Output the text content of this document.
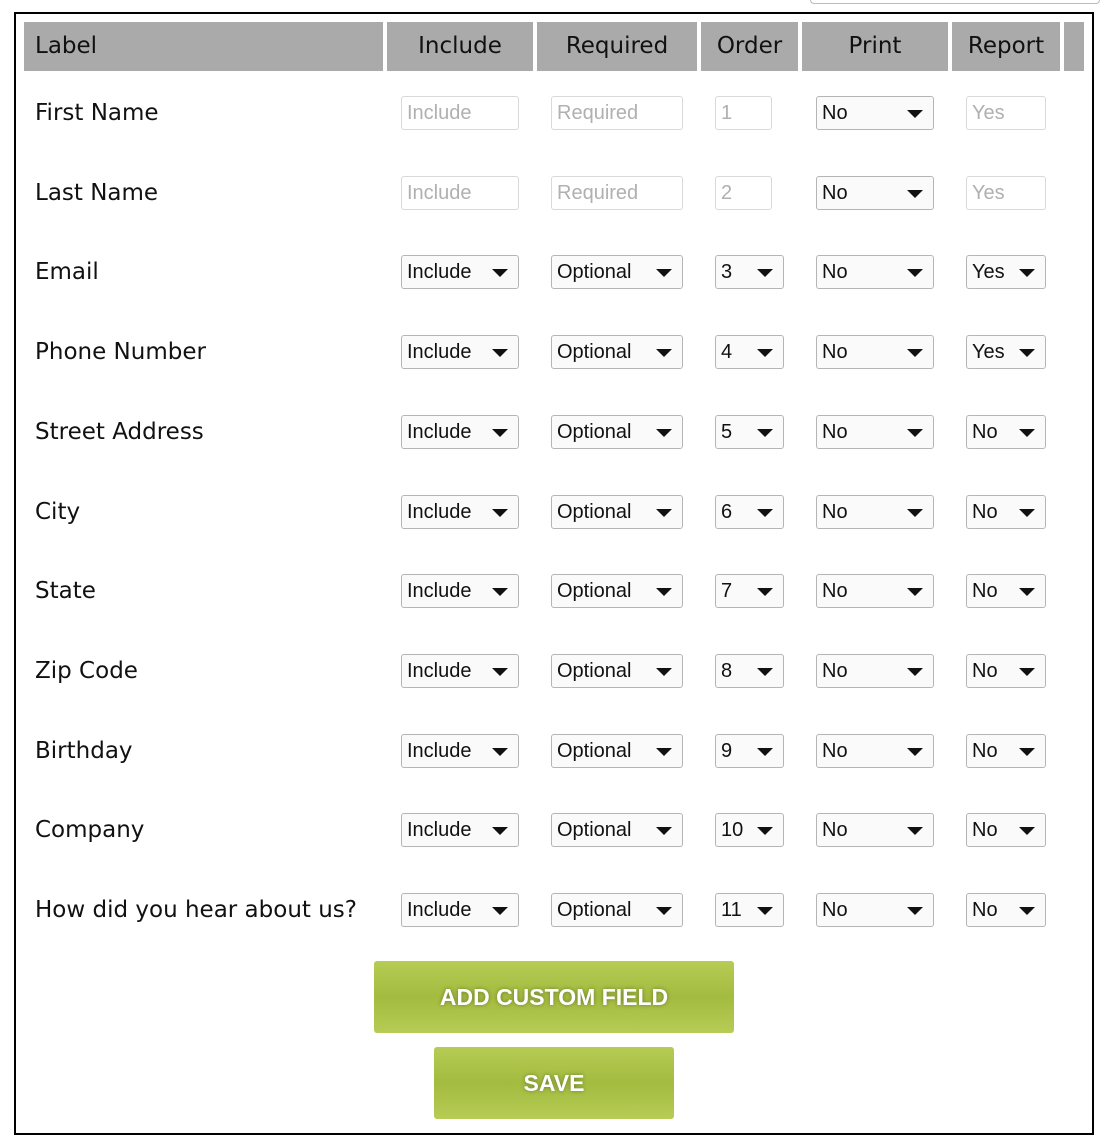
Label	Include	Required	Order	Print	Report
First Name	Include	Required	1	No	Yes
Last Name	Include	Required	2	No	Yes
Email	Include	Optional	3	No	Yes
Phone Number	Include	Optional	4	No	Yes
Street Address	Include	Optional	5	No	No
City	Include	Optional	6	No	No
State	Include	Optional	7	No	No
Zip Code	Include	Optional	8	No	No
Birthday	Include	Optional	9	No	No
Company	Include	Optional	10	No	No
How did you hear about us?	Include	Optional	11	No	No
ADD CUSTOM FIELD
SAVE
